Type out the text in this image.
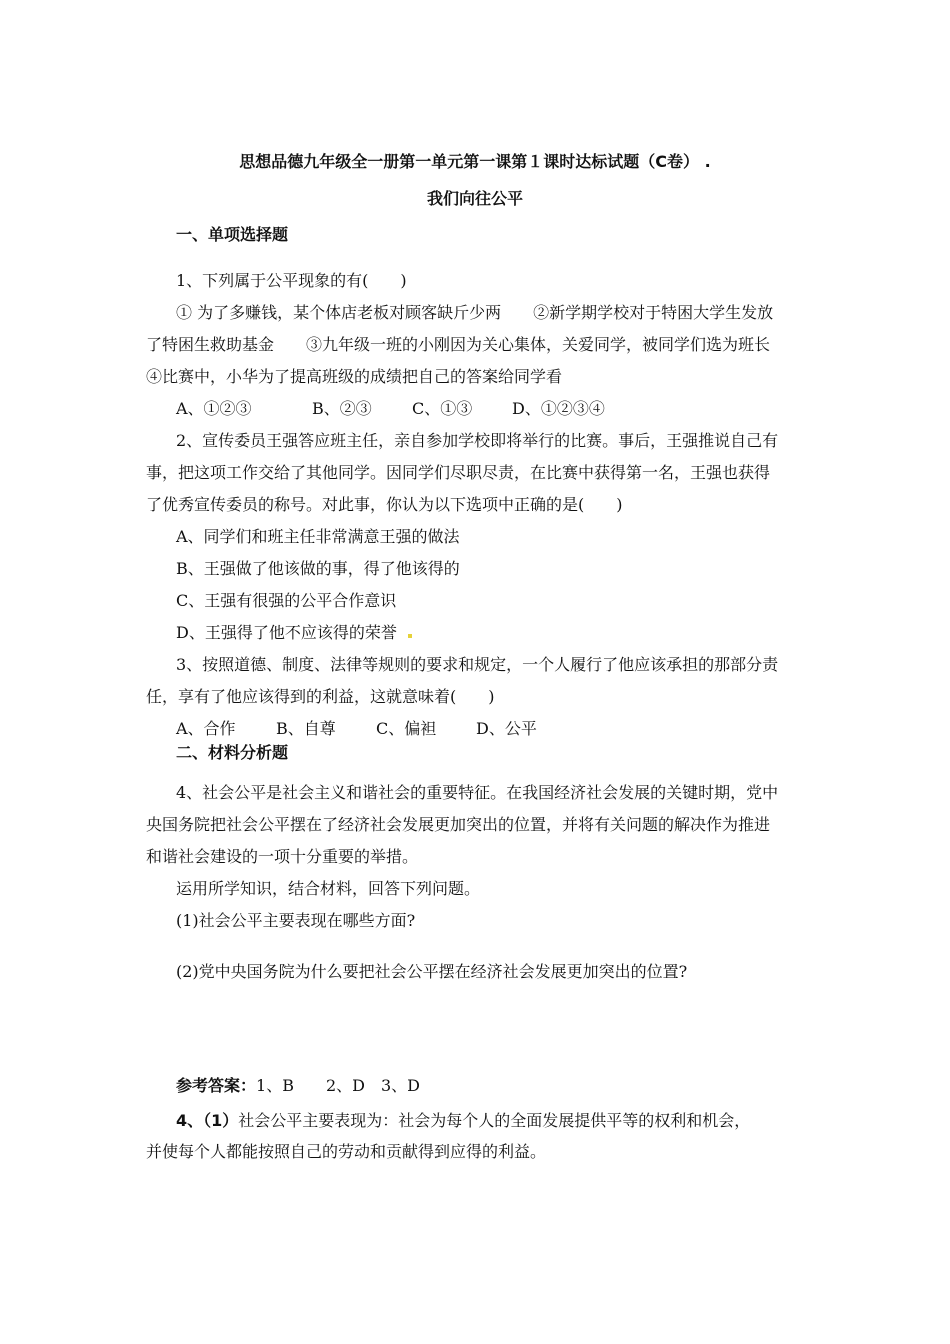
思想品德九年级全一册第一单元第一课第１课时达标试题（C卷） .
我们向往公平
一、单项选择题
1、下列属于公平现象的有(　　)
① 为了多赚钱，某个体店老板对顾客缺斤少两　　②新学期学校对于特困大学生发放
了特困生救助基金　　③九年级一班的小刚因为关心集体，关爱同学，被同学们选为班长
④比赛中，小华为了提高班级的成绩把自己的答案给同学看
A、①②③	B、②③	C、①③ D、①②③④
2、宣传委员王强答应班主任，亲自参加学校即将举行的比赛。事后，王强推说自己有
事，把这项工作交给了其他同学。因同学们尽职尽责，在比赛中获得第一名，王强也获得
了优秀宣传委员的称号。对此事，你认为以下选项中正确的是(　　)
A、同学们和班主任非常满意王强的做法
B、王强做了他该做的事，得了他该得的
C、王强有很强的公平合作意识
D、王强得了他不应该得的荣誉
3、按照道德、制度、法律等规则的要求和规定，一个人履行了他应该承担的那部分责
任，享有了他应该得到的利益，这就意味着(　　)
A、合作	B、自尊	C、偏袒 D、公平
二、材料分析题
4、社会公平是社会主义和谐社会的重要特征。在我国经济社会发展的关键时期，党中
央国务院把社会公平摆在了经济社会发展更加突出的位置，并将有关问题的解决作为推进
和谐社会建设的一项十分重要的举措。
运用所学知识，结合材料，回答下列问题。
(1)社会公平主要表现在哪些方面?
(2)党中央国务院为什么要把社会公平摆在经济社会发展更加突出的位置?
参考答案：1、B　　2、D　3、D
4、（1）社会公平主要表现为：社会为每个人的全面发展提供平等的权利和机会，
并使每个人都能按照自己的劳动和贡献得到应得的利益。
